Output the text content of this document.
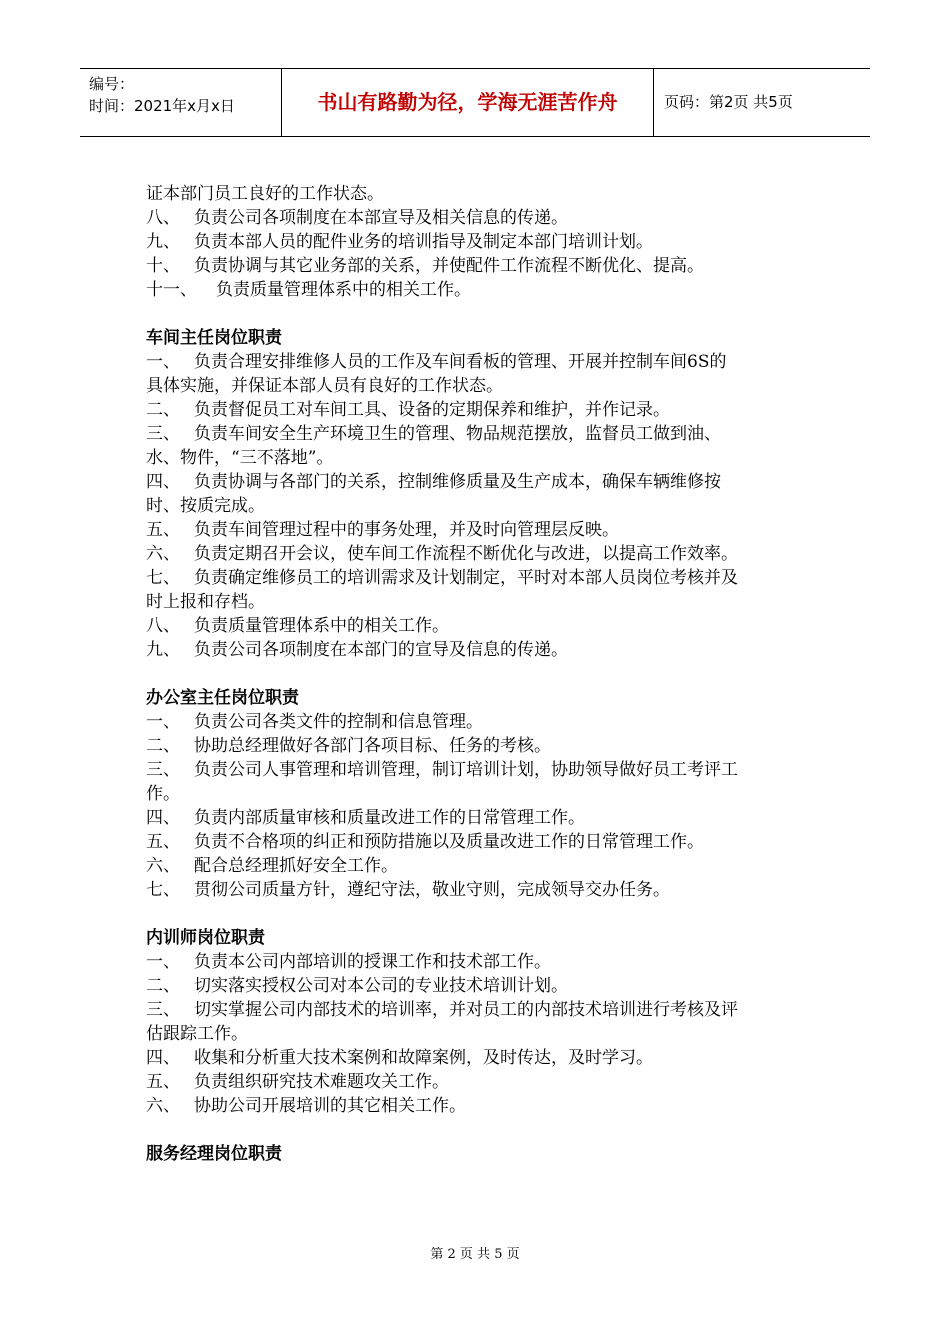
编号：
时间：2021年x月x日	书山有路勤为径，学海无涯苦作舟	页码：第2页 共5页

证本部门员工良好的工作状态。

八、 负责公司各项制度在本部宣导及相关信息的传递。

九、 负责本部人员的配件业务的培训指导及制定本部门培训计划。

十、 负责协调与其它业务部的关系，并使配件工作流程不断优化、提高。

十一、 负责质量管理体系中的相关工作。

车间主任岗位职责

一、 负责合理安排维修人员的工作及车间看板的管理、开展并控制车间6S的

具体实施，并保证本部人员有良好的工作状态。

二、 负责督促员工对车间工具、设备的定期保养和维护，并作记录。

三、 负责车间安全生产环境卫生的管理、物品规范摆放，监督员工做到油、

水、物件，“三不落地”。

四、 负责协调与各部门的关系，控制维修质量及生产成本，确保车辆维修按

时、按质完成。

五、 负责车间管理过程中的事务处理，并及时向管理层反映。

六、 负责定期召开会议，使车间工作流程不断优化与改进，以提高工作效率。

七、 负责确定维修员工的培训需求及计划制定，平时对本部人员岗位考核并及

时上报和存档。

八、 负责质量管理体系中的相关工作。

九、 负责公司各项制度在本部门的宣导及信息的传递。

办公室主任岗位职责

一、 负责公司各类文件的控制和信息管理。

二、 协助总经理做好各部门各项目标、任务的考核。

三、 负责公司人事管理和培训管理，制订培训计划，协助领导做好员工考评工

作。

四、 负责内部质量审核和质量改进工作的日常管理工作。

五、 负责不合格项的纠正和预防措施以及质量改进工作的日常管理工作。

六、 配合总经理抓好安全工作。

七、 贯彻公司质量方针，遵纪守法，敬业守则，完成领导交办任务。

内训师岗位职责

一、 负责本公司内部培训的授课工作和技术部工作。

二、 切实落实授权公司对本公司的专业技术培训计划。

三、 切实掌握公司内部技术的培训率，并对员工的内部技术培训进行考核及评

估跟踪工作。

四、 收集和分析重大技术案例和故障案例，及时传达，及时学习。

五、 负责组织研究技术难题攻关工作。

六、 协助公司开展培训的其它相关工作。

服务经理岗位职责

第 2 页 共 5 页
